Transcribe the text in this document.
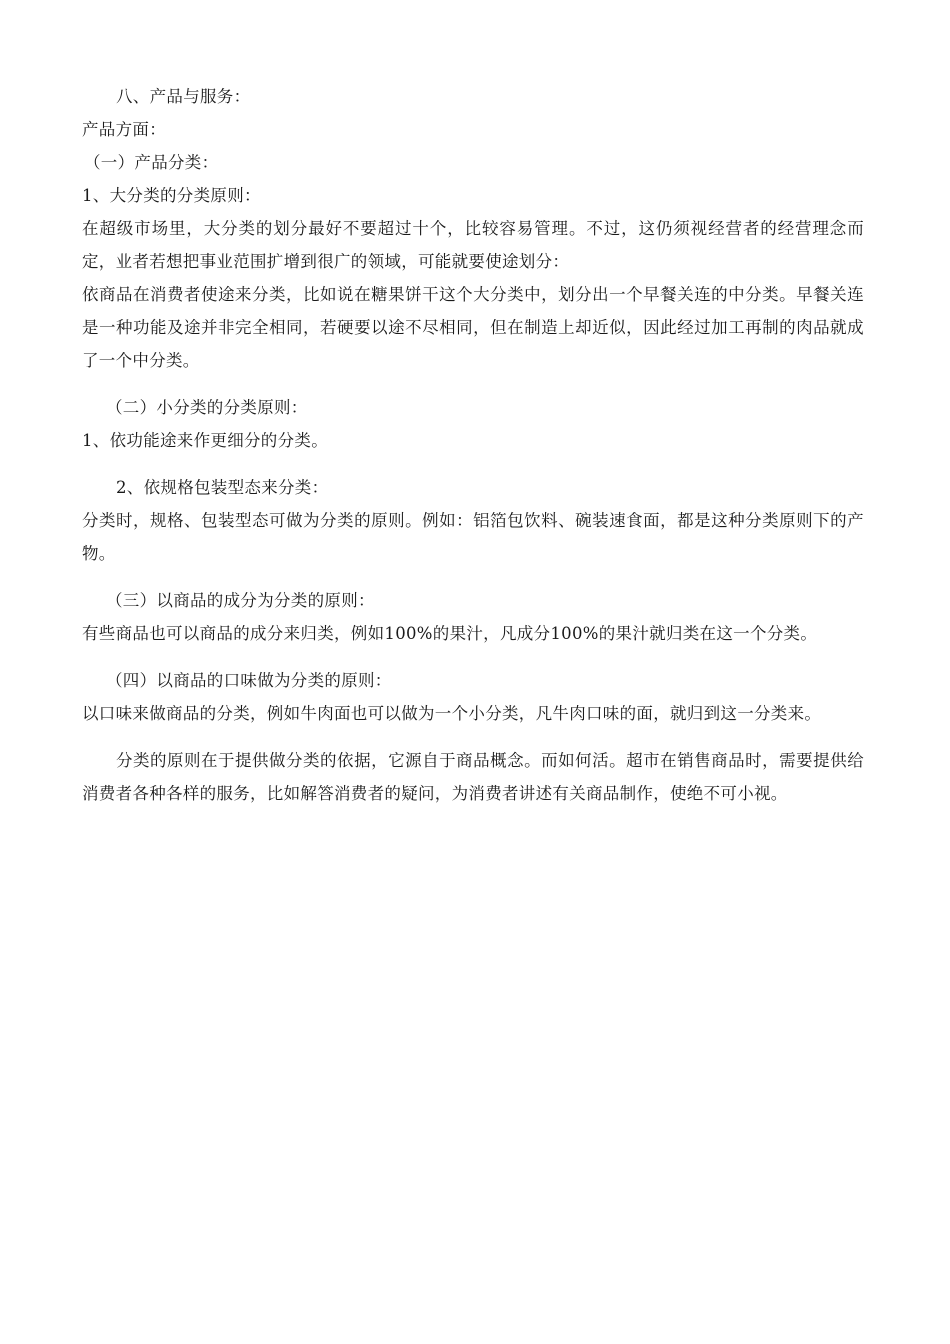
八、产品与服务：

产品方面：

（一）产品分类：

1、大分类的分类原则：

在超级市场里，大分类的划分最好不要超过十个，比较容易管理。不过，这仍须视经营者的经营理念而定，业者若想把事业范围扩增到很广的领域，可能就要使途划分：

依商品在消费者使途来分类，比如说在糖果饼干这个大分类中，划分出一个早餐关连的中分类。早餐关连是一种功能及途并非完全相同，若硬要以途不尽相同，但在制造上却近似，因此经过加工再制的肉品就成了一个中分类。

（二）小分类的分类原则：

1、依功能途来作更细分的分类。

2、依规格包装型态来分类：

分类时，规格、包装型态可做为分类的原则。例如：铝箔包饮料、碗装速食面，都是这种分类原则下的产物。

（三）以商品的成分为分类的原则：

有些商品也可以商品的成分来归类，例如100%的果汁，凡成分100%的果汁就归类在这一个分类。

（四）以商品的口味做为分类的原则：

以口味来做商品的分类，例如牛肉面也可以做为一个小分类，凡牛肉口味的面，就归到这一分类来。

分类的原则在于提供做分类的依据，它源自于商品概念。而如何活。超市在销售商品时，需要提供给消费者各种各样的服务，比如解答消费者的疑问，为消费者讲述有关商品制作，使绝不可小视。
